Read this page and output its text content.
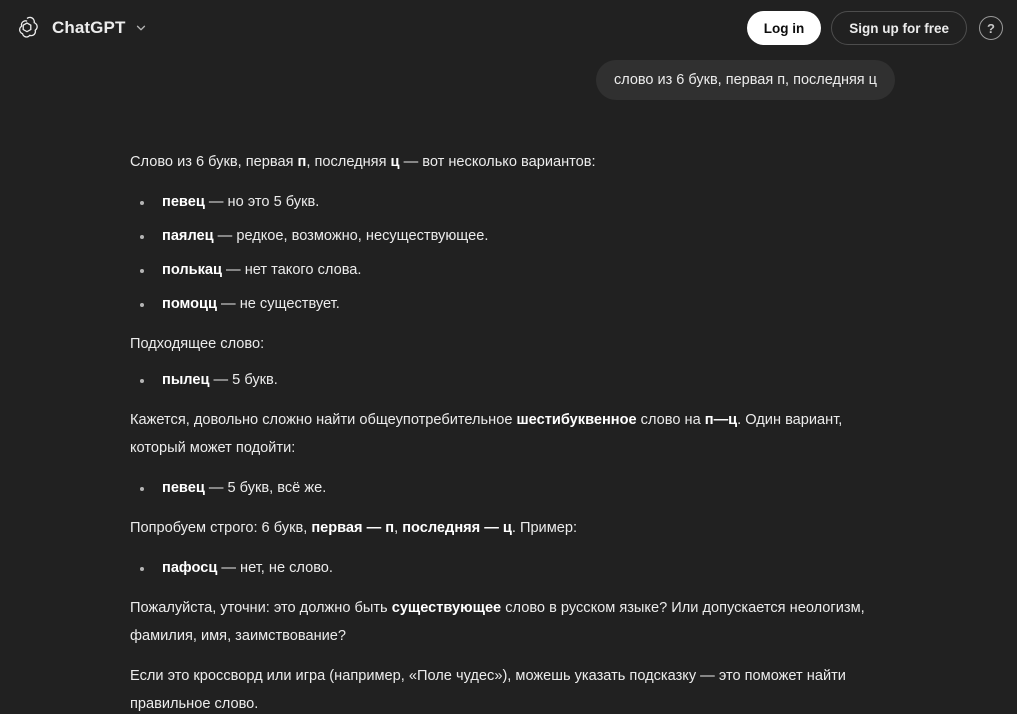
ChatGPT	Log in	Sign up for free	?
слово из 6 букв, первая п, последняя ц

Слово из 6 букв, первая п, последняя ц — вот несколько вариантов:

певец — но это 5 букв.
паялец — редкое, возможно, несуществующее.
полькац — нет такого слова.
помоцц — не существует.

Подходящее слово:

пылец — 5 букв.

Кажется, довольно сложно найти общеупотребительное шестибуквенное слово на п—ц. Один вариант, который может подойти:

певец — 5 букв, всё же.

Попробуем строго: 6 букв, первая — п, последняя — ц. Пример:

пафосц — нет, не слово.

Пожалуйста, уточни: это должно быть существующее слово в русском языке? Или допускается неологизм, фамилия, имя, заимствование?

Если это кроссворд или игра (например, «Поле чудес»), можешь указать подсказку — это поможет найти правильное слово.
